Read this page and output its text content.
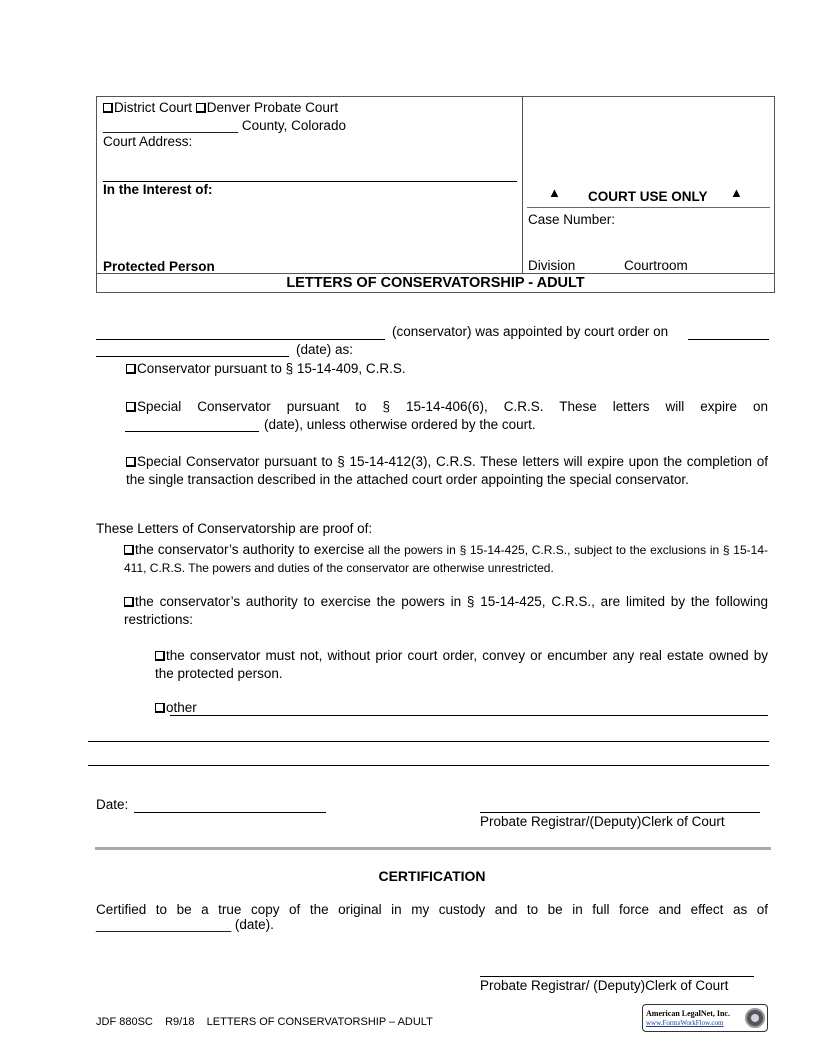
District Court Denver Probate Court
__________________ County, Colorado
Court Address:
In the Interest of:
Protected Person
▲ COURT USE ONLY ▲
Case Number:
Division	Courtroom
LETTERS OF CONSERVATORSHIP - ADULT
(conservator) was appointed by court order on
(date) as:
Conservator pursuant to § 15-14-409, C.R.S.
Special Conservator pursuant to § 15-14-406(6), C.R.S. These letters will expire on
(date), unless otherwise ordered by the court.
Special Conservator pursuant to § 15-14-412(3), C.R.S. These letters will expire upon the completion of the single transaction described in the attached court order appointing the special conservator.
These Letters of Conservatorship are proof of:
the conservator’s authority to exercise all the powers in § 15-14-425, C.R.S., subject to the exclusions in § 15-14-411, C.R.S. The powers and duties of the conservator are otherwise unrestricted.
the conservator’s authority to exercise the powers in § 15-14-425, C.R.S., are limited by the following restrictions:
the conservator must not, without prior court order, convey or encumber any real estate owned by the protected person.
other
Date:
Probate Registrar/(Deputy)Clerk of Court
CERTIFICATION
Certified to be a true copy of the original in my custody and to be in full force and effect as of
__________________ (date).
Probate Registrar/ (Deputy)Clerk of Court
JDF 880SC    R9/18    LETTERS OF CONSERVATORSHIP – ADULT
American LegalNet, Inc.
www.FormsWorkFlow.com
